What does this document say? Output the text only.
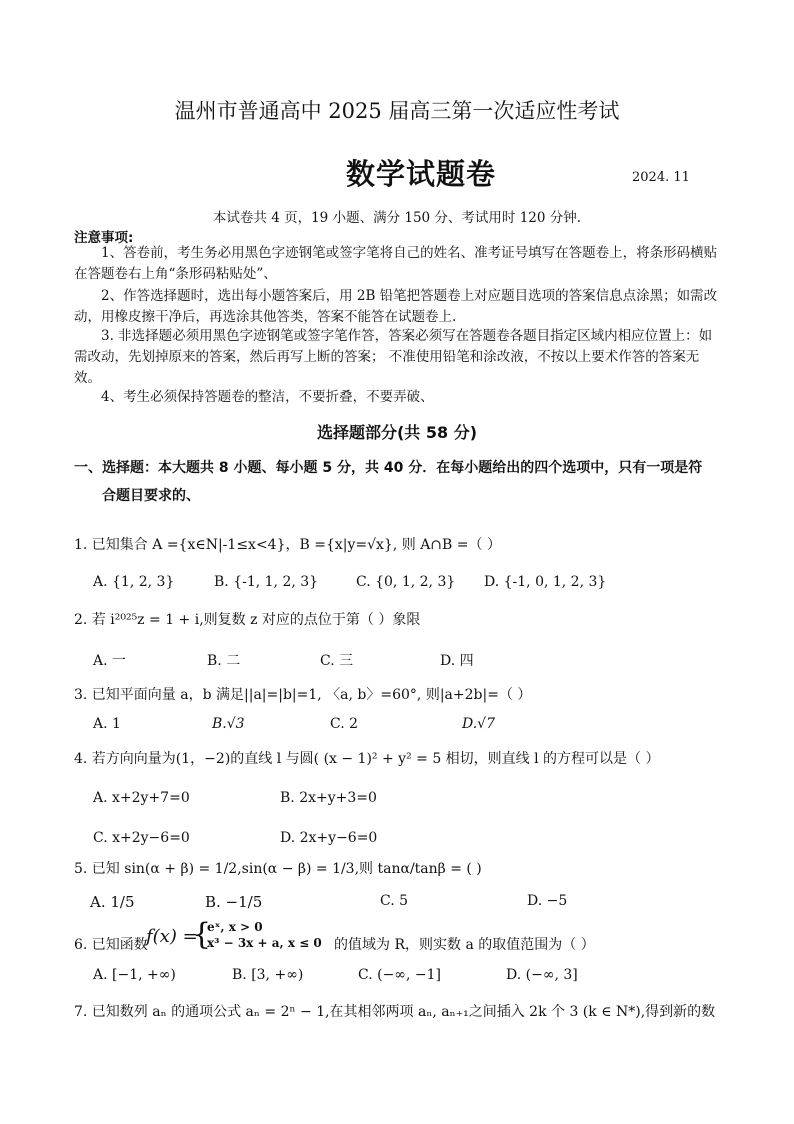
温州市普通高中 2025 届高三第一次适应性考试
数学试题卷	2024. 11
本试卷共 4 页，19 小题、满分 150 分、考试用时 120 分钟.
注意事项:
1、答卷前，考生务必用黑色字迹钢笔或签字笔将自己的姓名、准考证号填写在答题卷上，将条形码横贴在答题卷右上角“条形码粘贴处”、
2、作答选择题时，选出每小题答案后，用 2B 铅笔把答题卷上对应题目选项的答案信息点涂黑；如需改动，用橡皮擦干净后，再选涂其他答类，答案不能答在试题卷上.
3. 非选择题必须用黑色字迹钢笔或签字笔作答，答案必须写在答题卷各题目指定区域内相应位置上：如需改动，先划掉原来的答案，然后再写上断的答案； 不准使用铅笔和涂改液，不按以上要术作答的答案无效。
4、考生必须保持答题卷的整洁，不要折叠，不要弄破、
选择题部分(共 58 分)
一、选择题：本大题共 8 小题、每小题 5 分，共 40 分．在每小题给出的四个选项中，只有一项是符
合题目要求的、
1. 已知集合 A ={x∈N|-1≤x<4}，B ={x|y=√x}, 则 A∩B =（ ）
A. {1, 2, 3}	B. {-1, 1, 2, 3}	C. {0, 1, 2, 3} D. {-1, 0, 1, 2, 3}
2. 若 i²⁰²⁵z = 1 + i,则复数 z 对应的点位于第（ ）象限
A. 一	B. 二	C. 三	D. 四
3. 已知平面向量 a，b 满足||a|=|b|=1, 〈a, b〉=60°, 则|a+2b|=（ ）
A. 1	B.√3	C. 2	D.√7
4. 若方向向量为(1，−2)的直线 l 与圆( (x − 1)² + y² = 5 相切，则直线 l 的方程可以是（ ）
A. x+2y+7=0	B. 2x+y+3=0
C. x+2y−6=0	D. 2x+y−6=0
5. 已知 sin(α + β) = 1/2,sin(α − β) = 1/3,则 tanα/tanβ = ( )
A. 1/5	B. −1/5	C. 5	D. −5
6. 已知函数
f(x) =
{
eˣ, x > 0
x³ − 3x + a, x ≤ 0 的值域为 R，则实数 a 的取值范围为（ ）
A. [−1, +∞)	B. [3, +∞)	C. (−∞, −1]	D. (−∞, 3]
7. 已知数列 aₙ 的通项公式 aₙ = 2ⁿ − 1,在其相邻两项 aₙ, aₙ₊₁之间插入 2k 个 3 (k ∈ N*),得到新的数
